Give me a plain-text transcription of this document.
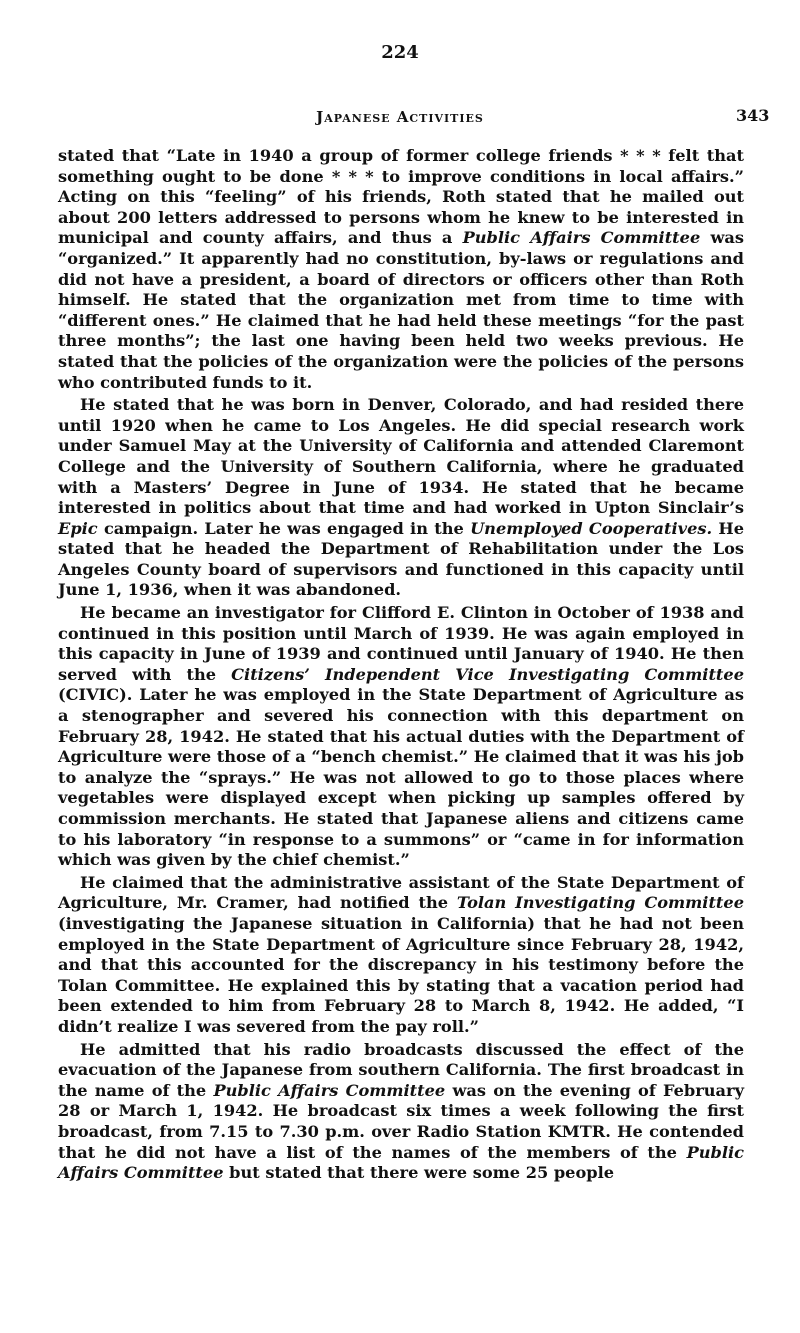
224
Japanese Activities	343

stated that “Late in 1940 a group of former college friends * * * felt that something ought to be done * * * to improve conditions in local affairs.” Acting on this “feeling” of his friends, Roth stated that he mailed out about 200 letters addressed to persons whom he knew to be interested in municipal and county affairs, and thus a Public Affairs Committee was “organized.” It apparently had no constitution, by-laws or regulations and did not have a president, a board of directors or officers other than Roth himself. He stated that the organization met from time to time with “different ones.” He claimed that he had held these meetings “for the past three months”; the last one having been held two weeks previous. He stated that the policies of the organization were the policies of the persons who contributed funds to it.

He stated that he was born in Denver, Colorado, and had resided there until 1920 when he came to Los Angeles. He did special research work under Samuel May at the University of California and attended Claremont College and the University of Southern California, where he graduated with a Masters’ Degree in June of 1934. He stated that he became interested in politics about that time and had worked in Upton Sinclair’s Epic campaign. Later he was engaged in the Unemployed Cooperatives. He stated that he headed the Department of Rehabilitation under the Los Angeles County board of supervisors and functioned in this capacity until June 1, 1936, when it was abandoned.

He became an investigator for Clifford E. Clinton in October of 1938 and continued in this position until March of 1939. He was again employed in this capacity in June of 1939 and continued until January of 1940. He then served with the Citizens’ Independent Vice Investigating Committee (CIVIC). Later he was employed in the State Department of Agriculture as a stenographer and severed his connection with this department on February 28, 1942. He stated that his actual duties with the Department of Agriculture were those of a “bench chemist.” He claimed that it was his job to analyze the “sprays.” He was not allowed to go to those places where vegetables were displayed except when picking up samples offered by commission merchants. He stated that Japanese aliens and citizens came to his laboratory “in response to a summons” or “came in for information which was given by the chief chemist.”

He claimed that the administrative assistant of the State Department of Agriculture, Mr. Cramer, had notified the Tolan Investigating Committee (investigating the Japanese situation in California) that he had not been employed in the State Department of Agriculture since February 28, 1942, and that this accounted for the discrepancy in his testimony before the Tolan Committee. He explained this by stating that a vacation period had been extended to him from February 28 to March 8, 1942. He added, “I didn’t realize I was severed from the pay roll.”

He admitted that his radio broadcasts discussed the effect of the evacuation of the Japanese from southern California. The first broadcast in the name of the Public Affairs Committee was on the evening of February 28 or March 1, 1942. He broadcast six times a week following the first broadcast, from 7.15 to 7.30 p.m. over Radio Station KMTR. He contended that he did not have a list of the names of the members of the Public Affairs Committee but stated that there were some 25 people
